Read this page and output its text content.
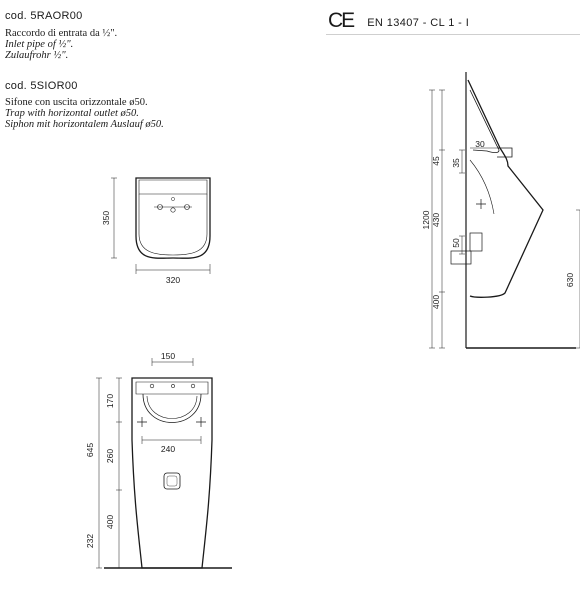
cod. 5RAOR00
Raccordo di entrata da ½".
Inlet pipe of ½".
Zulaufrohr ½".
cod. 5SIOR00
Sifone con uscita orizzontale ø50.
Trap with horizontal outlet ø50.
Siphon mit horizontalem Auslauf ø50.
CE EN 13407 - CL 1 - I
350
320
150
170
240
260
645
400
232
30
45 35
430
1200
50
400
630
